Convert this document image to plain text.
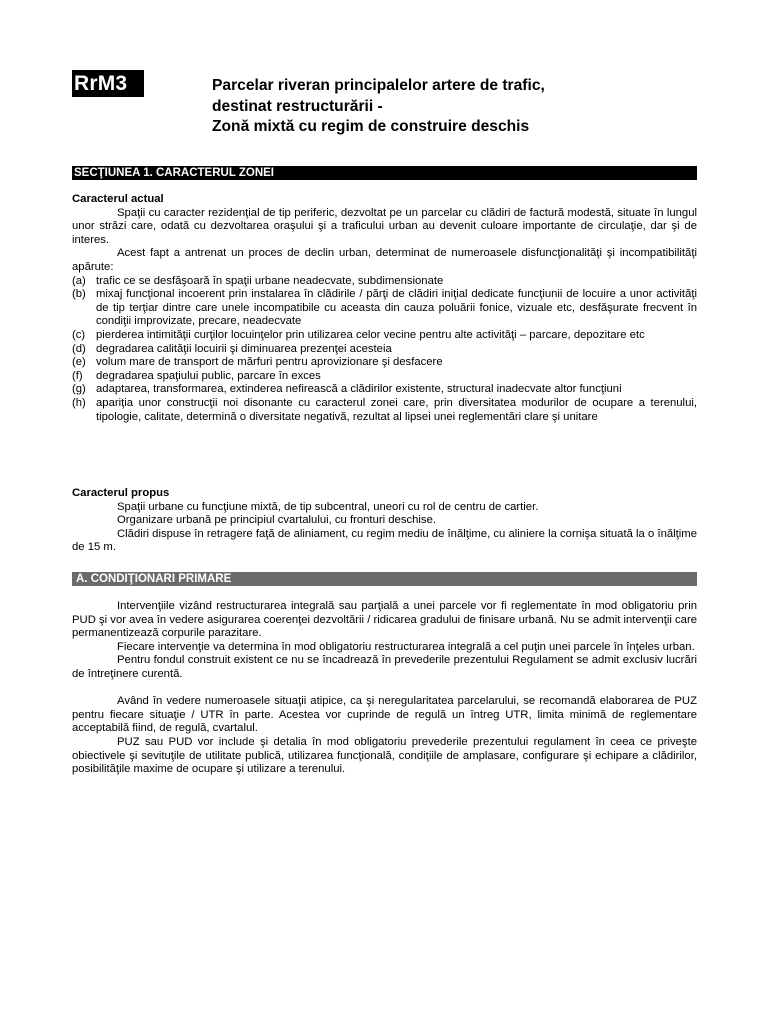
RrM3	Parcelar riveran principalelor artere de trafic,
destinat restructurării -
Zonă mixtă cu regim de construire deschis
SECŢIUNEA 1. CARACTERUL ZONEI

Caracterul actual

Spaţii cu caracter rezidenţial de tip periferic, dezvoltat pe un parcelar cu clădiri de factură modestă, situate în lungul unor străzi care, odată cu dezvoltarea oraşului şi a traficului urban au devenit culoare importante de circulaţie, dar şi de interes.

Acest fapt a antrenat un proces de declin urban, determinat de numeroasele disfuncţionalităţi şi incompatibilităţi apărute:

(a) trafic ce se desfăşoară în spaţii urbane neadecvate, subdimensionate
(b) mixaj funcţional incoerent prin instalarea în clădirile / părţi de clădiri iniţial dedicate funcţiunii de locuire a unor activităţi de tip terţiar dintre care unele incompatibile cu aceasta din cauza poluării fonice, vizuale etc, desfăşurate frecvent în condiţii improvizate, precare, neadecvate
(c) pierderea intimităţii curţilor locuinţelor prin utilizarea celor vecine pentru alte activităţi – parcare, depozitare etc
(d) degradarea calităţii locuirii şi diminuarea prezenţei acesteia
(e) volum mare de transport de mărfuri pentru aprovizionare şi desfacere
(f) degradarea spaţiului public, parcare în exces
(g) adaptarea, transformarea, extinderea nefirească a clădirilor existente, structural inadecvate altor funcţiuni
(h) apariţia unor construcţii noi disonante cu caracterul zonei care, prin diversitatea modurilor de ocupare a terenului, tipologie, calitate, determină o diversitate negativă, rezultat al lipsei unei reglementări clare şi unitare

Caracterul propus

Spaţii urbane cu funcţiune mixtă, de tip subcentral, uneori cu rol de centru de cartier.

Organizare urbană pe principiul cvartalului, cu fronturi deschise.

Clădiri dispuse în retragere faţă de aliniament, cu regim mediu de înălţime, cu aliniere la cornişa situată la o înălţime de 15 m.

A. CONDIŢIONARI PRIMARE

Intervenţiile vizând restructurarea integrală sau parţială a unei parcele vor fi reglementate în mod obligatoriu prin PUD şi vor avea în vedere asigurarea coerenţei dezvoltării / ridicarea gradului de finisare urbană. Nu se admit intervenţii care permanentizează corpurile parazitare.

Fiecare intervenţie va determina în mod obligatoriu restructurarea integrală a cel puţin unei parcele în înţeles urban.

Pentru fondul construit existent ce nu se încadrează în prevederile prezentului Regulament se admit exclusiv lucrări de întreţinere curentă.

Având în vedere numeroasele situaţii atipice, ca şi neregularitatea parcelarului, se recomandă elaborarea de PUZ pentru fiecare situaţie / UTR în parte. Acestea vor cuprinde de regulă un întreg UTR, limita minimă de reglementare acceptabilă fiind, de regulă, cvartalul.

PUZ sau PUD vor include şi detalia în mod obligatoriu prevederile prezentului regulament în ceea ce priveşte obiectivele şi sevituţile de utilitate publică, utilizarea funcţională, condiţiile de amplasare, configurare şi echipare a clădirilor, posibilităţile maxime de ocupare şi utilizare a terenului.
